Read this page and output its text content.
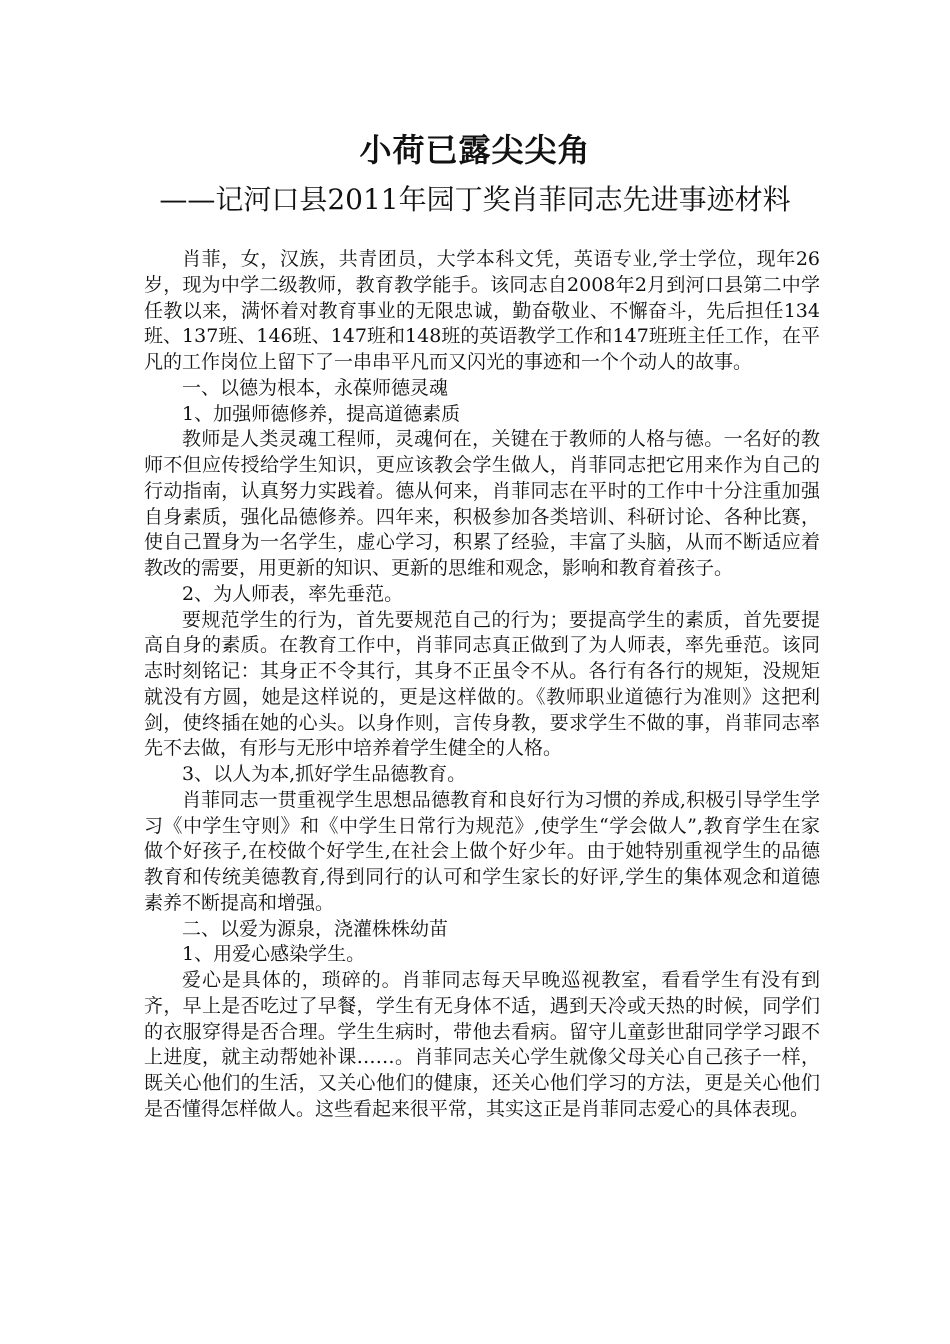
小荷已露尖尖角
——记河口县2011年园丁奖肖菲同志先进事迹材料

肖菲，女，汉族，共青团员，大学本科文凭，英语专业,学士学位，现年26岁，现为中学二级教师，教育教学能手。该同志自2008年2月到河口县第二中学任教以来，满怀着对教育事业的无限忠诚，勤奋敬业、不懈奋斗，先后担任134班、137班、146班、147班和148班的英语教学工作和147班班主任工作，在平凡的工作岗位上留下了一串串平凡而又闪光的事迹和一个个动人的故事。

一、以德为根本，永葆师德灵魂

1、加强师德修养，提高道德素质

教师是人类灵魂工程师，灵魂何在，关键在于教师的人格与德。一名好的教师不但应传授给学生知识，更应该教会学生做人，肖菲同志把它用来作为自己的行动指南，认真努力实践着。德从何来，肖菲同志在平时的工作中十分注重加强自身素质，强化品德修养。四年来，积极参加各类培训、科研讨论、各种比赛，使自己置身为一名学生，虚心学习，积累了经验，丰富了头脑，从而不断适应着教改的需要，用更新的知识、更新的思维和观念，影响和教育着孩子。

2、为人师表，率先垂范。

要规范学生的行为，首先要规范自己的行为；要提高学生的素质，首先要提高自身的素质。在教育工作中，肖菲同志真正做到了为人师表，率先垂范。该同志时刻铭记：其身正不令其行，其身不正虽令不从。各行有各行的规矩，没规矩就没有方圆，她是这样说的，更是这样做的。《教师职业道德行为准则》这把利剑，使终插在她的心头。以身作则，言传身教，要求学生不做的事，肖菲同志率先不去做，有形与无形中培养着学生健全的人格。

3、以人为本,抓好学生品德教育。

肖菲同志一贯重视学生思想品德教育和良好行为习惯的养成,积极引导学生学习《中学生守则》和《中学生日常行为规范》,使学生“学会做人”,教育学生在家做个好孩子,在校做个好学生,在社会上做个好少年。由于她特别重视学生的品德教育和传统美德教育,得到同行的认可和学生家长的好评,学生的集体观念和道德素养不断提高和增强。

二、以爱为源泉，浇灌株株幼苗

1、用爱心感染学生。

爱心是具体的，琐碎的。肖菲同志每天早晚巡视教室，看看学生有没有到齐，早上是否吃过了早餐，学生有无身体不适，遇到天冷或天热的时候，同学们的衣服穿得是否合理。学生生病时，带他去看病。留守儿童彭世甜同学学习跟不上进度，就主动帮她补课……。肖菲同志关心学生就像父母关心自己孩子一样，既关心他们的生活，又关心他们的健康，还关心他们学习的方法，更是关心他们是否懂得怎样做人。这些看起来很平常，其实这正是肖菲同志爱心的具体表现。
